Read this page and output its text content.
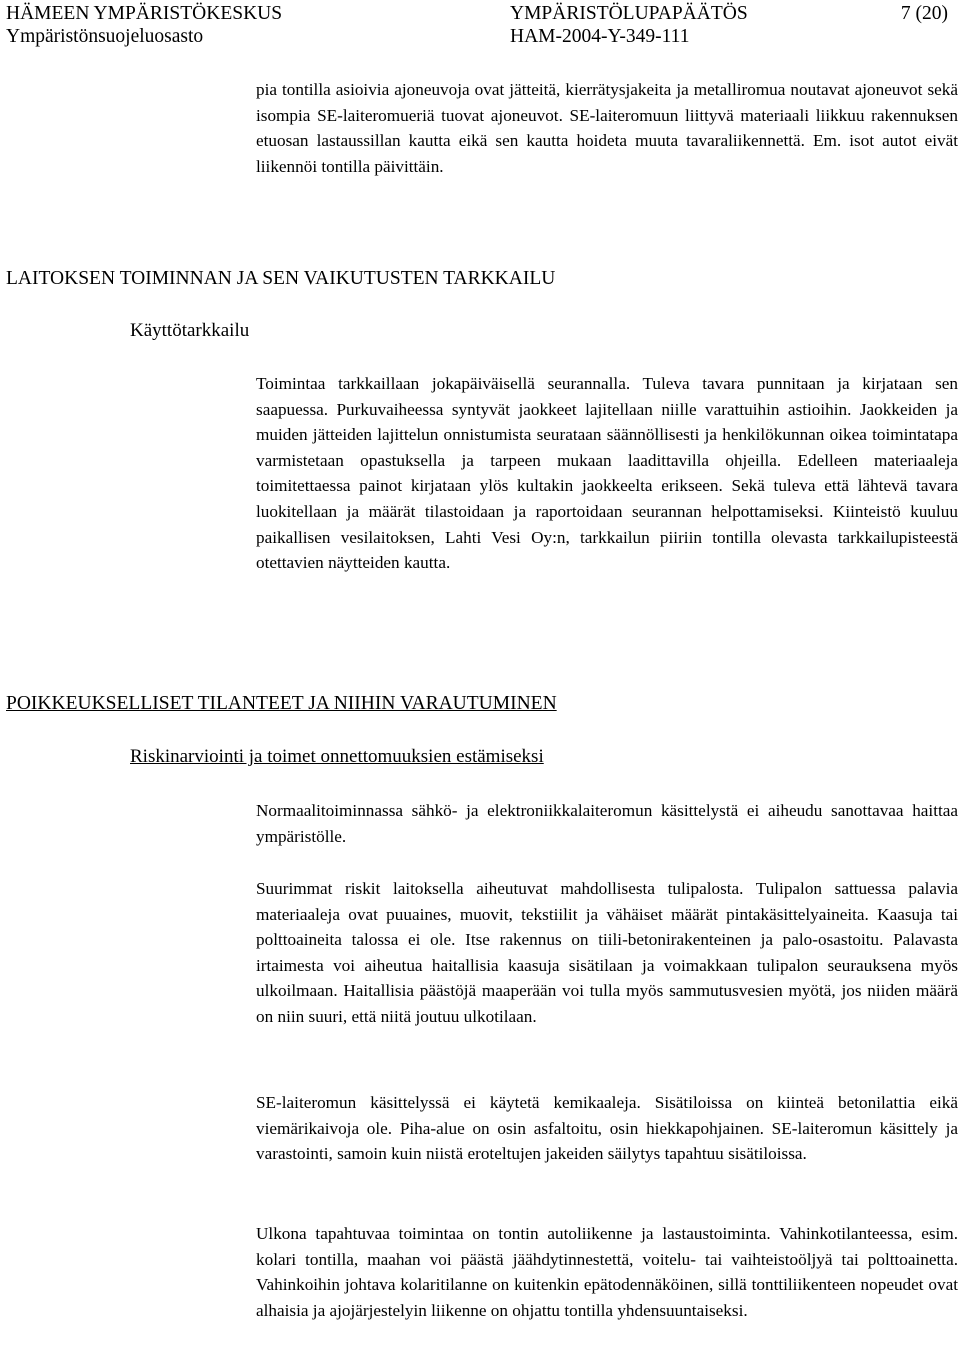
HÄMEEN YMPÄRISTÖKESKUS	YMPÄRISTÖLUPAPÄÄTÖS	7 (20)
Ympäristönsuojeluosasto	HAM-2004-Y-349-111

pia tontilla asioivia ajoneuvoja ovat jätteitä, kierrätysjakeita ja metalliromua noutavat ajoneuvot sekä isompia SE-laiteromueriä tuovat ajoneuvot. SE-laiteromuun liittyvä materiaali liikkuu rakennuksen etuosan lastaussillan kautta eikä sen kautta hoideta muuta tavaraliikennettä. Em. isot autot eivät liikennöi tontilla päivittäin.

LAITOKSEN TOIMINNAN JA SEN VAIKUTUSTEN TARKKAILU
Käyttötarkkailu

Toimintaa tarkkaillaan jokapäiväisellä seurannalla. Tuleva tavara punnitaan ja kirjataan sen saapuessa. Purkuvaiheessa syntyvät jaokkeet lajitellaan niille varattuihin astioihin. Jaokkeiden ja muiden jätteiden lajittelun onnistumista seurataan säännöllisesti ja henkilökunnan oikea toimintatapa varmistetaan opastuksella ja tarpeen mukaan laadittavilla ohjeilla. Edelleen materiaaleja toimitettaessa painot kirjataan ylös kultakin jaokkeelta erikseen. Sekä tuleva että lähtevä tavara luokitellaan ja määrät tilastoidaan ja raportoidaan seurannan helpottamiseksi. Kiinteistö kuuluu paikallisen vesilaitoksen, Lahti Vesi Oy:n, tarkkailun piiriin tontilla olevasta tarkkailupisteestä otettavien näytteiden kautta.

POIKKEUKSELLISET TILANTEET JA NIIHIN VARAUTUMINEN
Riskinarviointi ja toimet onnettomuuksien estämiseksi

Normaalitoiminnassa sähkö- ja elektroniikkalaiteromun käsittelystä ei aiheudu sanottavaa haittaa ympäristölle.

Suurimmat riskit laitoksella aiheutuvat mahdollisesta tulipalosta. Tulipalon sattuessa palavia materiaaleja ovat puuaines, muovit, tekstiilit ja vähäiset määrät pintakäsittelyaineita. Kaasuja tai polttoaineita talossa ei ole. Itse rakennus on tiili-betonirakenteinen ja palo-osastoitu. Palavasta irtaimesta voi aiheutua haitallisia kaasuja sisätilaan ja voimakkaan tulipalon seurauksena myös ulkoilmaan. Haitallisia päästöjä maaperään voi tulla myös sammutusvesien myötä, jos niiden määrä on niin suuri, että niitä joutuu ulkotilaan.

SE-laiteromun käsittelyssä ei käytetä kemikaaleja. Sisätiloissa on kiinteä betonilattia eikä viemärikaivoja ole. Piha-alue on osin asfaltoitu, osin hiekkapohjainen. SE-laiteromun käsittely ja varastointi, samoin kuin niistä eroteltujen jakeiden säilytys tapahtuu sisätiloissa.

Ulkona tapahtuvaa toimintaa on tontin autoliikenne ja lastaustoiminta. Vahinkotilanteessa, esim. kolari tontilla, maahan voi päästä jäähdytinnestettä, voitelu- tai vaihteistoöljyä tai polttoainetta. Vahinkoihin johtava kolaritilanne on kuitenkin epätodennäköinen, sillä tonttiliikenteen nopeudet ovat alhaisia ja ajojärjestelyin liikenne on ohjattu tontilla yhdensuuntaiseksi.
